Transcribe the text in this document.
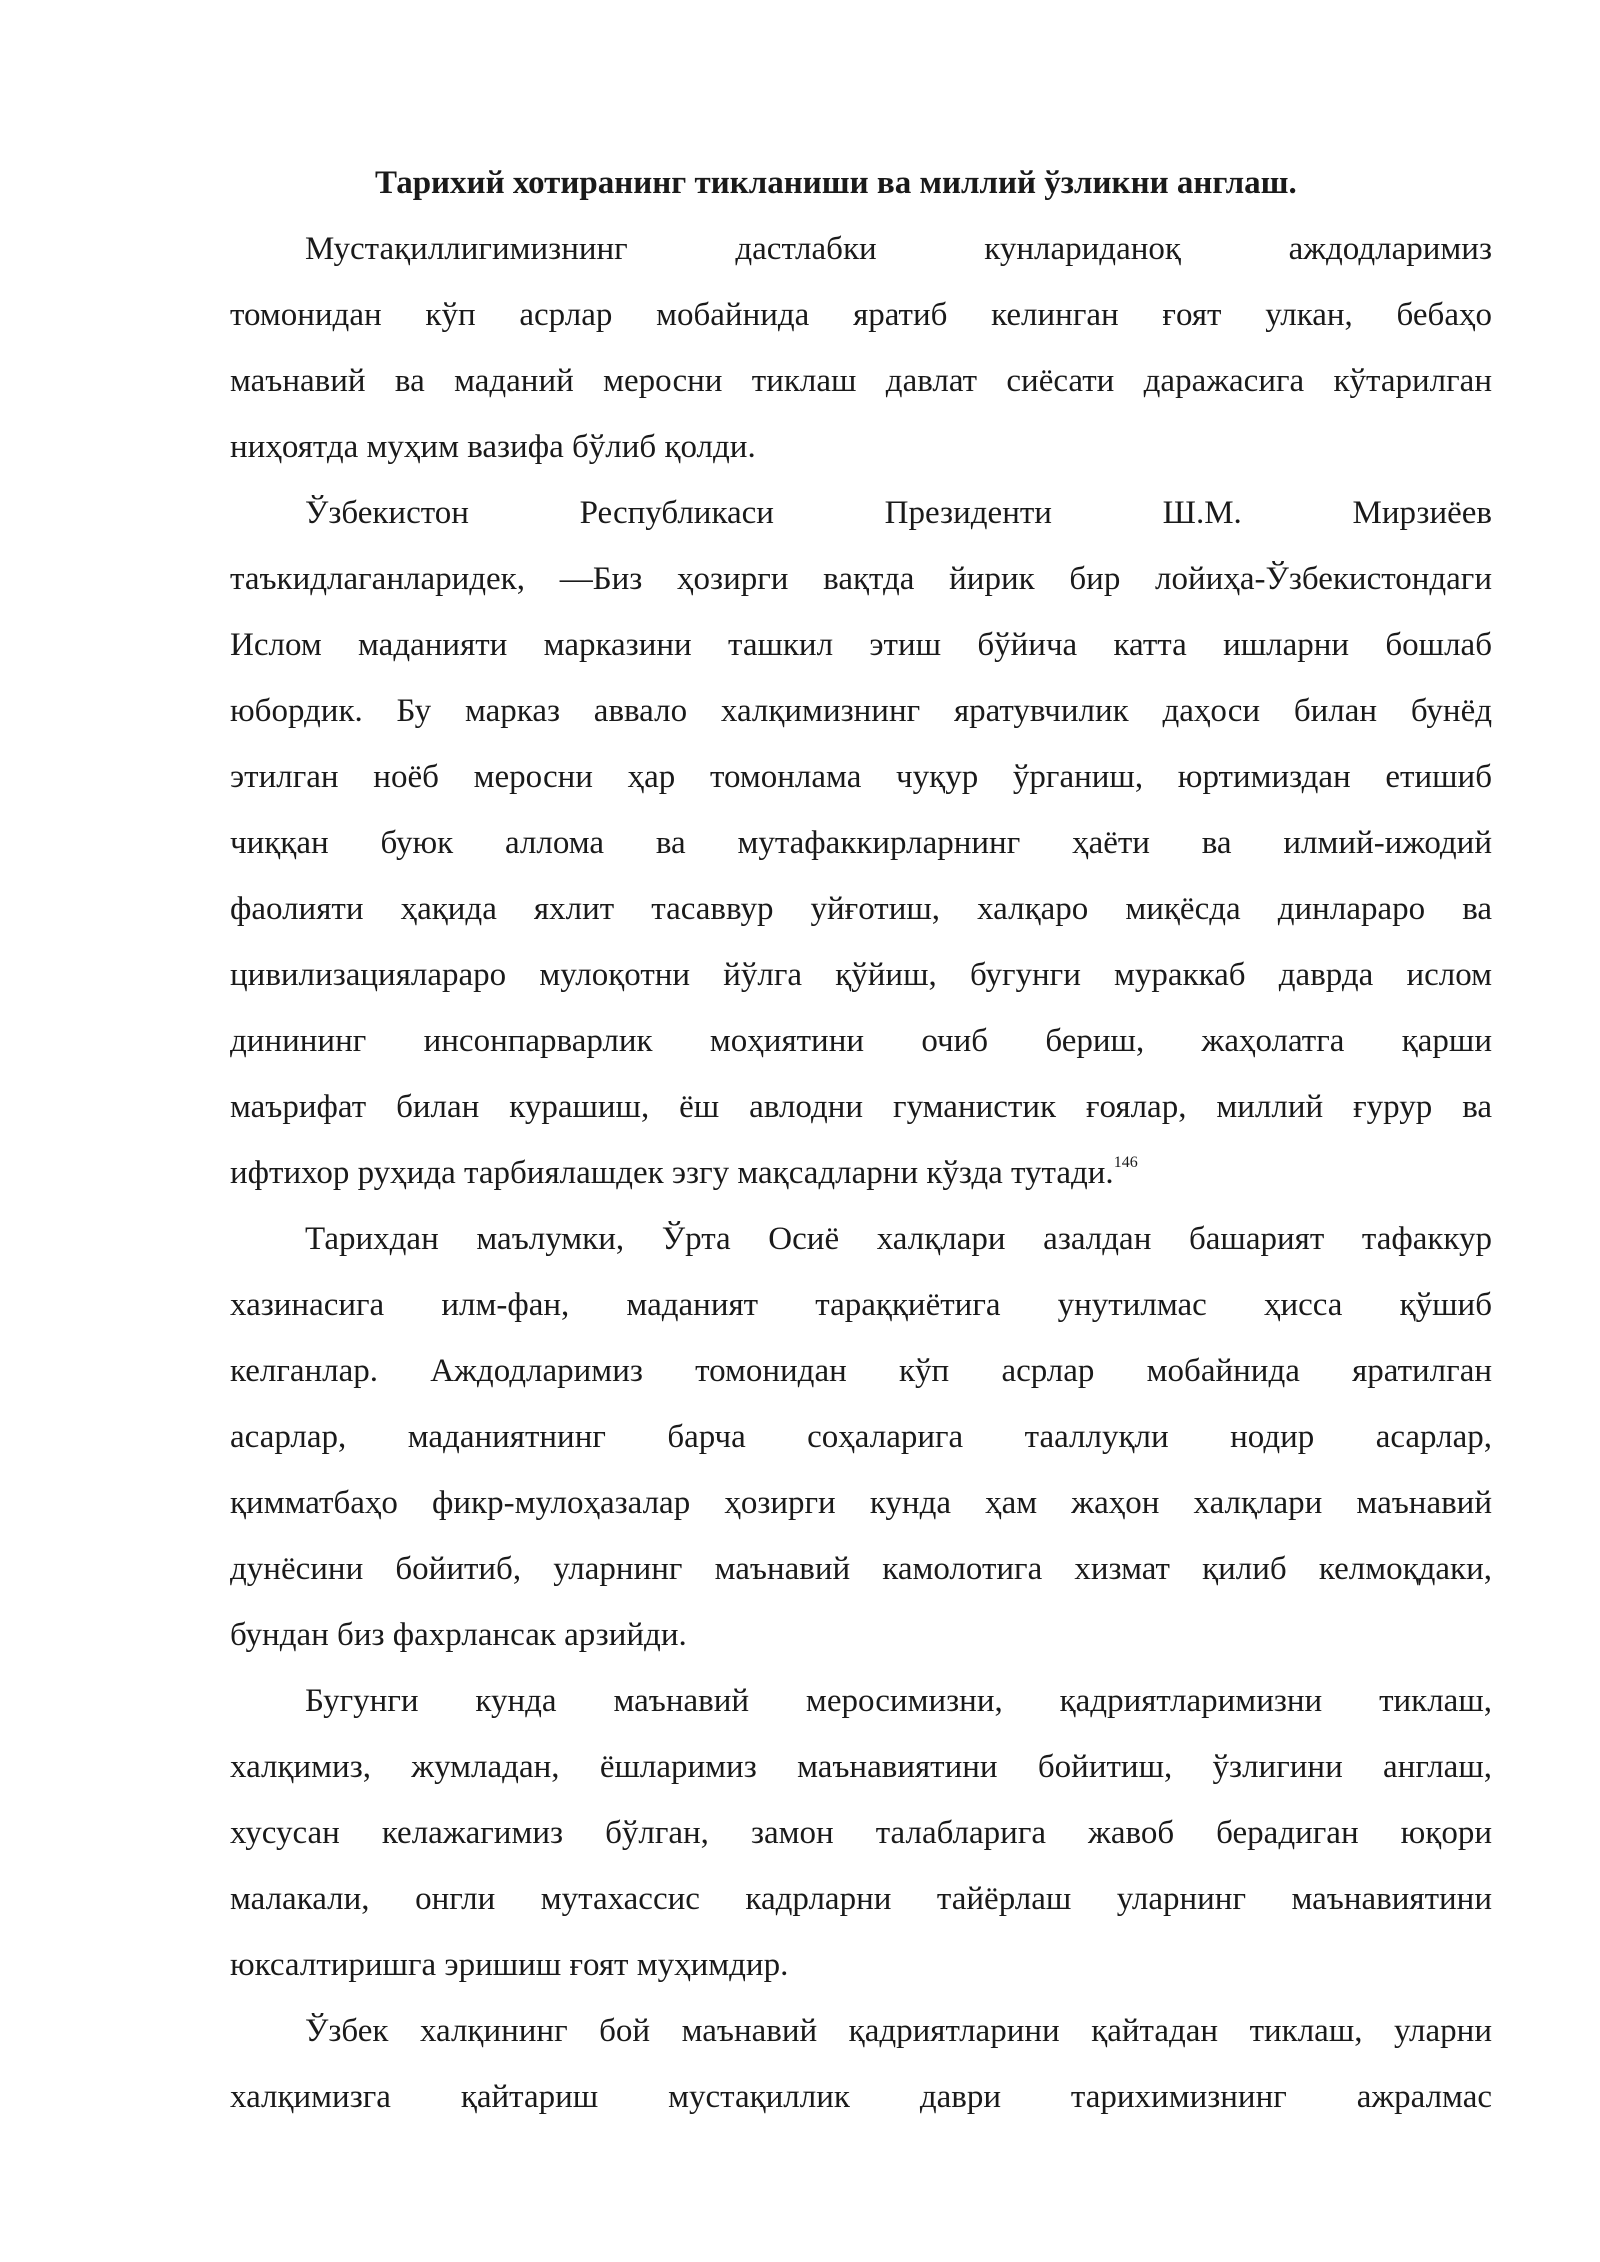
Тарихий хотиранинг тикланиши ва миллий ўзликни англаш.
Мустақиллигимизнинг дастлабки кунлариданоқ аждодларимиз
томонидан кўп асрлар мобайнида яратиб келинган ғоят улкан, бебаҳо
маънавий ва маданий меросни тиклаш давлат сиёсати даражасига кўтарилган
ниҳоятда муҳим вазифа бўлиб қолди.
Ўзбекистон Республикаси Президенти Ш.М. Мирзиёев
таъкидлаганларидек, ―Биз ҳозирги вақтда йирик бир лойиҳа-Ўзбекистондаги
Ислом маданияти марказини ташкил этиш бўйича катта ишларни бошлаб
юбордик. Бу марказ аввало халқимизнинг яратувчилик даҳоси билан бунёд
этилган ноёб меросни ҳар томонлама чуқур ўрганиш, юртимиздан етишиб
чиққан буюк аллома ва мутафаккирларнинг ҳаёти ва илмий-ижодий
фаолияти ҳақида яхлит тасаввур уйғотиш, халқаро миқёсда динлараро ва
цивилизациялараро мулоқотни йўлга қўйиш, бугунги мураккаб даврда ислом
динининг инсонпарварлик моҳиятини очиб бериш, жаҳолатга қарши
маърифат билан курашиш, ёш авлодни гуманистик ғоялар, миллий ғурур ва
ифтихор руҳида тарбиялашдек эзгу мақсадларни кўзда тутади.$^{146}$
Тарихдан маълумки, Ўрта Осиё халқлари азалдан башарият тафаккур
хазинасига илм-фан, маданият тараққиётига унутилмас ҳисса қўшиб
келганлар. Аждодларимиз томонидан кўп асрлар мобайнида яратилган
асарлар, маданиятнинг барча соҳаларига тааллуқли нодир асарлар,
қимматбаҳо фикр-мулоҳазалар ҳозирги кунда ҳам жаҳон халқлари маънавий
дунёсини бойитиб, уларнинг маънавий камолотига хизмат қилиб келмоқдаки,
бундан биз фахрлансак арзийди.
Бугунги кунда маънавий меросимизни, қадриятларимизни тиклаш,
халқимиз, жумладан, ёшларимиз маънавиятини бойитиш, ўзлигини англаш,
хусусан келажагимиз бўлган, замон талабларига жавоб берадиган юқори
малакали, онгли мутахассис кадрларни тайёрлаш уларнинг маънавиятини
юксалтиришга эришиш ғоят муҳимдир.
Ўзбек халқининг бой маънавий қадриятларини қайтадан тиклаш, уларни
халқимизга қайтариш мустақиллик даври тарихимизнинг ажралмас
